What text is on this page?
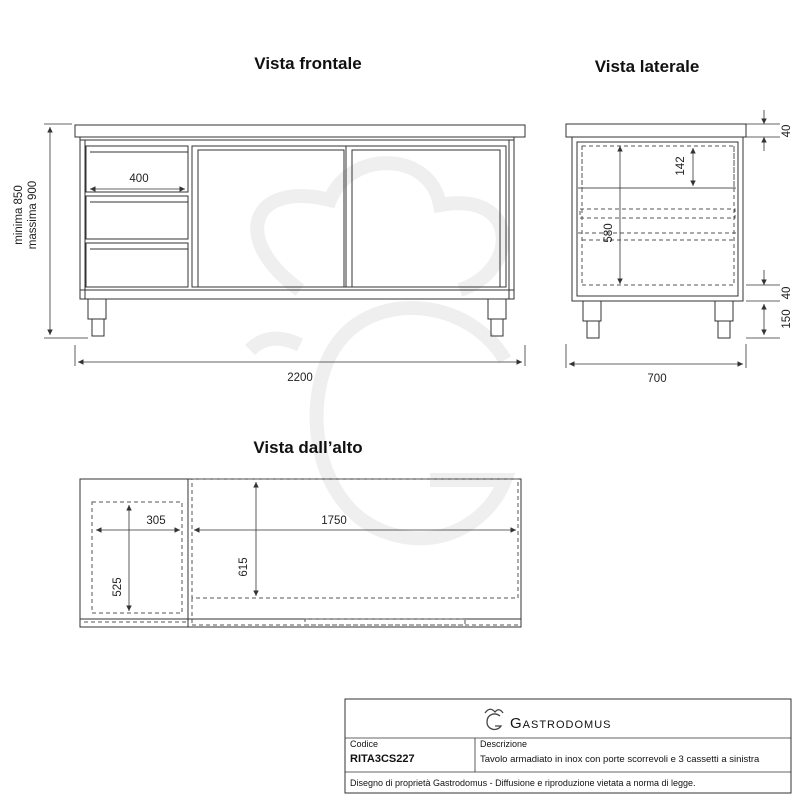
Vista frontale	Vista laterale
Vista dall’alto
minima 850 massima 900
400
2200
40
142
580
40
150
700
305
525
1750
615
Gastrodomus
Codice
RITA3CS227
Descrizione
Tavolo armadiato in inox con porte scorrevoli e 3 cassetti a sinistra
Disegno di proprietà Gastrodomus - Diffusione e riproduzione vietata a norma di legge.
